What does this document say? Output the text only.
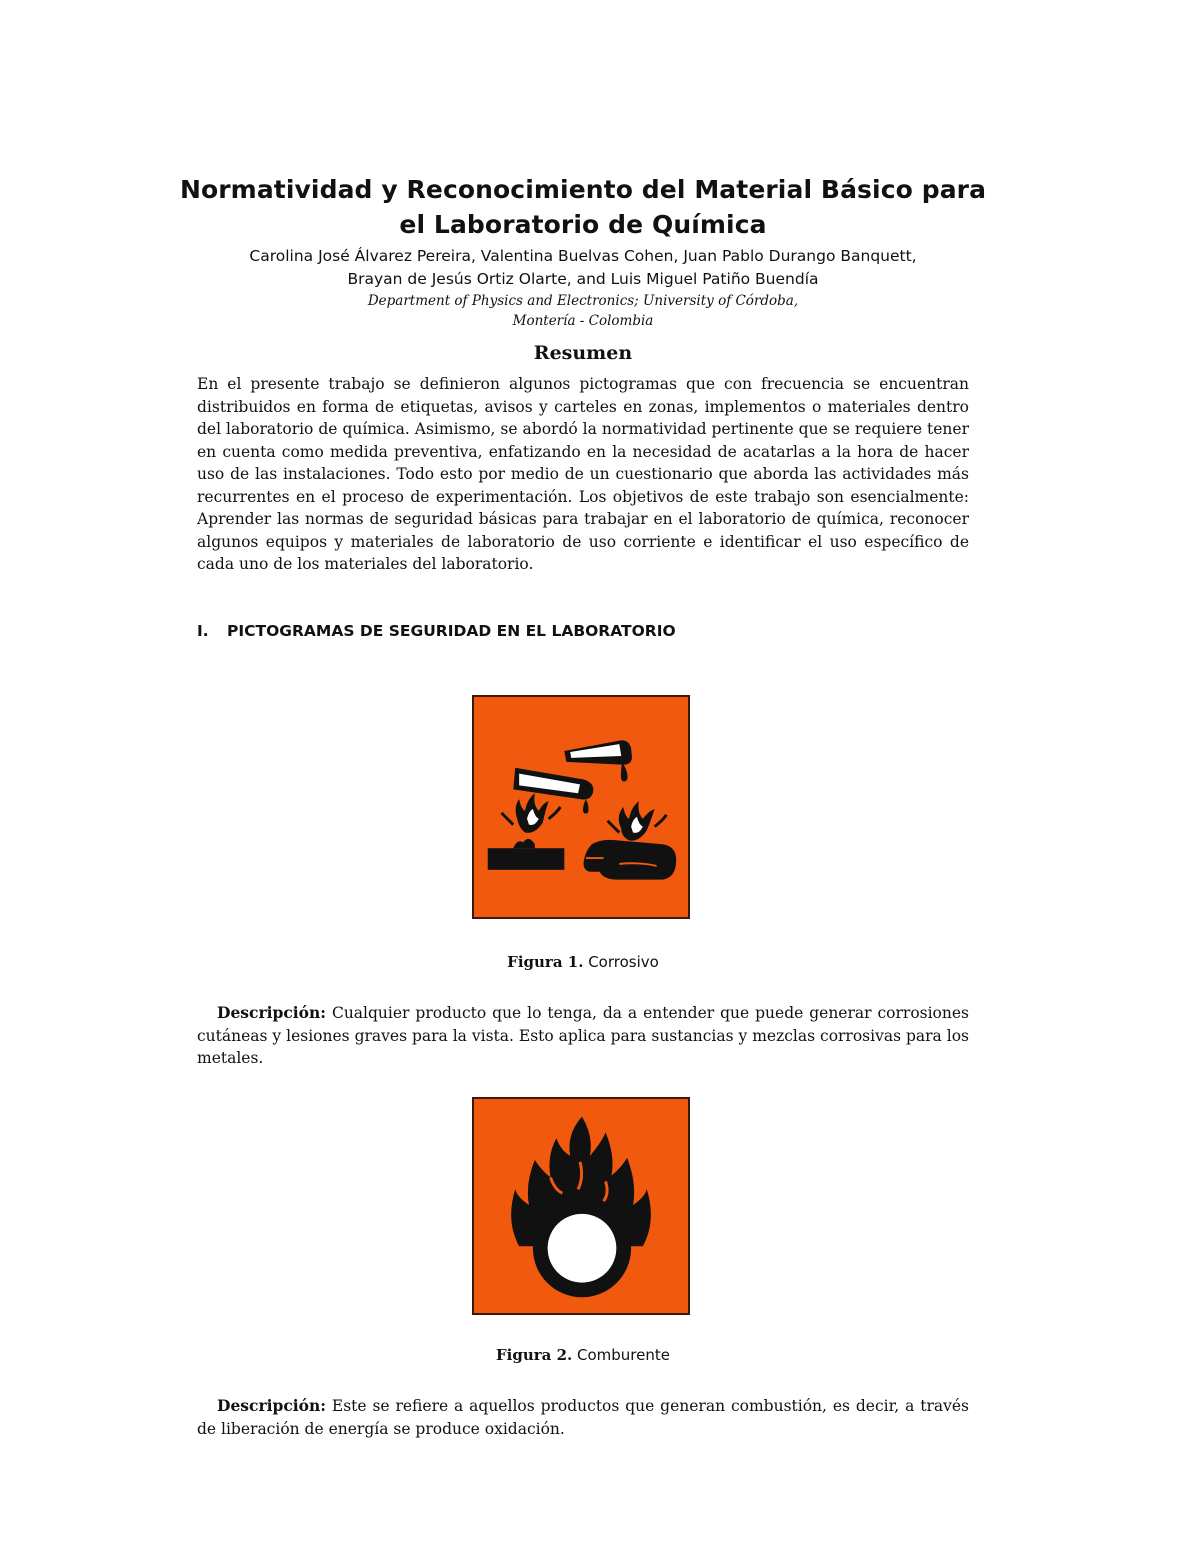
Normatividad y Reconocimiento del Material Básico para el Laboratorio de Química
Carolina José Álvarez Pereira, Valentina Buelvas Cohen, Juan Pablo Durango Banquett,
Brayan de Jesús Ortiz Olarte, and Luis Miguel Patiño Buendía
Department of Physics and Electronics; University of Córdoba,
Montería - Colombia
Resumen
En el presente trabajo se definieron algunos pictogramas que con frecuencia se encuentran distribuidos en forma de etiquetas, avisos y carteles en zonas, implementos o materiales dentro del laboratorio de química. Asimismo, se abordó la normatividad pertinente que se requiere tener en cuenta como medida preventiva, enfatizando en la necesidad de acatarlas a la hora de hacer uso de las instalaciones. Todo esto por medio de un cuestionario que aborda las actividades más recurrentes en el proceso de experimentación. Los objetivos de este trabajo son esencialmente: Aprender las normas de seguridad básicas para trabajar en el laboratorio de química, reconocer algunos equipos y materiales de laboratorio de uso corriente e identificar el uso específico de cada uno de los materiales del laboratorio.
I. PICTOGRAMAS DE SEGURIDAD EN EL LABORATORIO
Figura 1. Corrosivo
Descripción: Cualquier producto que lo tenga, da a entender que puede generar corrosiones cutáneas y lesiones graves para la vista. Esto aplica para sustancias y mezclas corrosivas para los metales.
Figura 2. Comburente
Descripción: Este se refiere a aquellos productos que generan combustión, es decir, a través de liberación de energía se produce oxidación.
